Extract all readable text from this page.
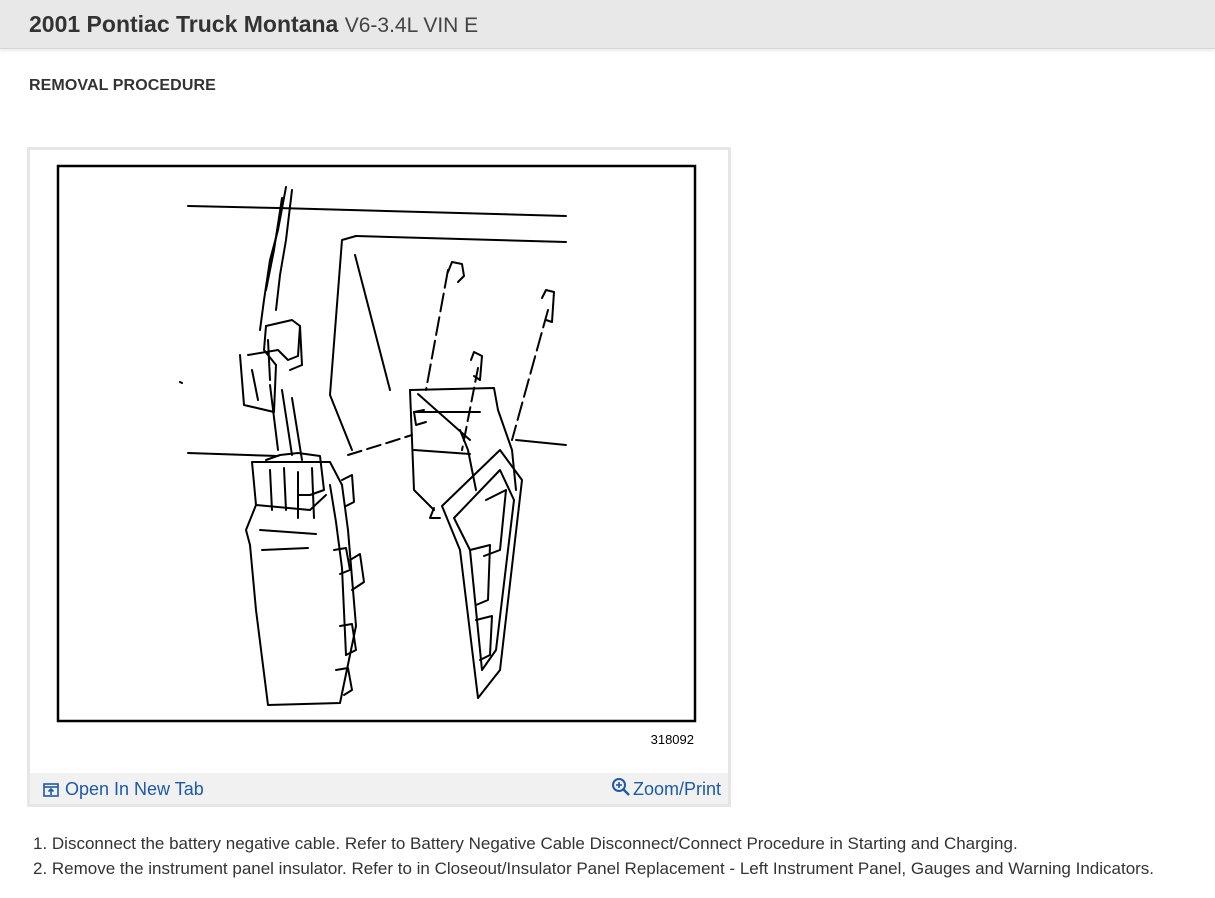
2001 Pontiac Truck Montana V6-3.4L VIN E
REMOVAL PROCEDURE
318092
Open In New Tab	Zoom/Print
1. Disconnect the battery negative cable. Refer to Battery Negative Cable Disconnect/Connect Procedure in Starting and Charging.
2. Remove the instrument panel insulator. Refer to in Closeout/Insulator Panel Replacement - Left Instrument Panel, Gauges and Warning Indicators.
